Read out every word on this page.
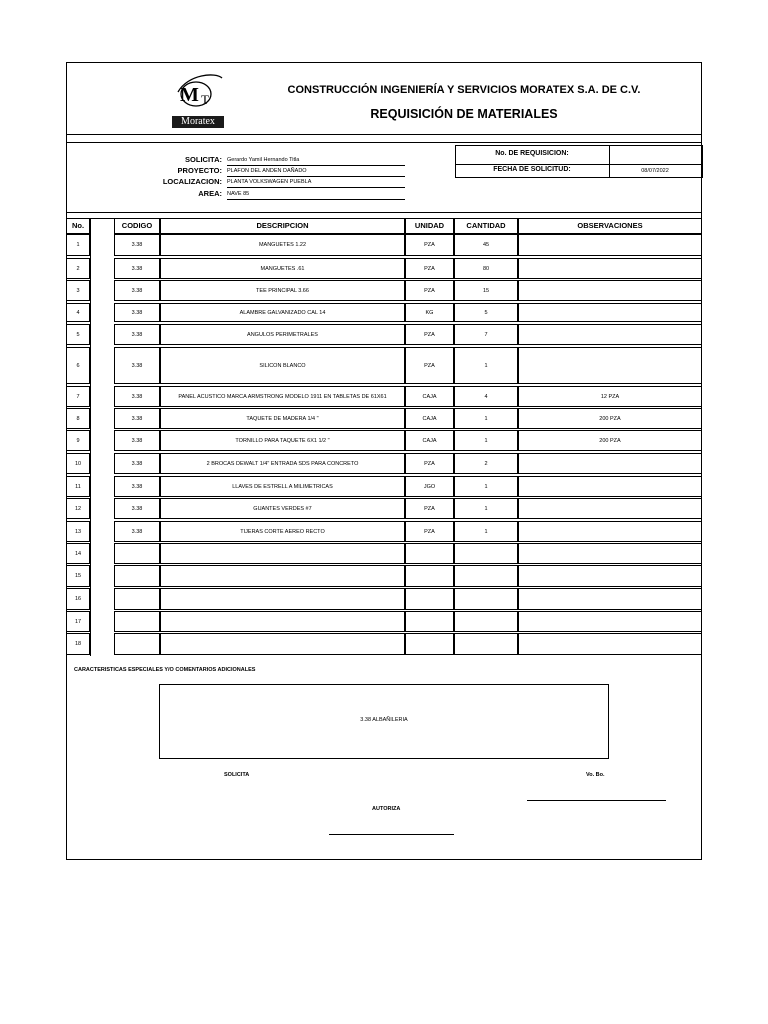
M T
Moratex
CONSTRUCCIÓN INGENIERÍA Y SERVICIOS MORATEX S.A. DE C.V.
REQUISICIÓN DE MATERIALES
SOLICITA: Gerardo Yamil Hernando Titla
PROYECTO: PLAFON DEL ANDEN DAÑADO
LOCALIZACION: PLANTA VOLKSWAGEN PUEBLA
AREA: NAVE 85
No. DE REQUISICION:
FECHA DE SOLICITUD:	08/07/2022
No.	CODIGO	DESCRIPCION	UNIDAD	CANTIDAD	OBSERVACIONES
1	3.38	MANGUETES 1.22	PZA	45
2	3.38	MANGUETES .61	PZA	80
3	3.38	TEE PRINCIPAL 3.66	PZA	15
4	3.38	ALAMBRE GALVANIZADO CAL 14	KG	5
5	3.38	ANGULOS PERIMETRALES	PZA	7
6	3.38	SILICON BLANCO	PZA	1
7	3.38	PANEL ACUSTICO MARCA ARMSTRONG MODELO 1911 EN TABLETAS DE 61X61	CAJA	4	12 PZA
8	3.38	TAQUETE DE MADERA 1/4 "	CAJA	1	200 PZA
9	3.38	TORNILLO PARA TAQUETE 6X1 1/2 "	CAJA	1	200 PZA
10	3.38	2 BROCAS DEWALT 1/4" ENTRADA SDS PARA CONCRETO	PZA	2
11	3.38	LLAVES DE ESTRELL A MILIMETRICAS	JGO	1
12	3.38	GUANTES VERDES #7	PZA	1
13	3.38	TIJERAS CORTE AEREO RECTO	PZA	1
14
15
16
17
18
CARACTERISTICAS ESPECIALES Y/O COMENTARIOS ADICIONALES
3.38 ALBAÑILERIA
SOLICITA	Vo. Bo.
AUTORIZA
